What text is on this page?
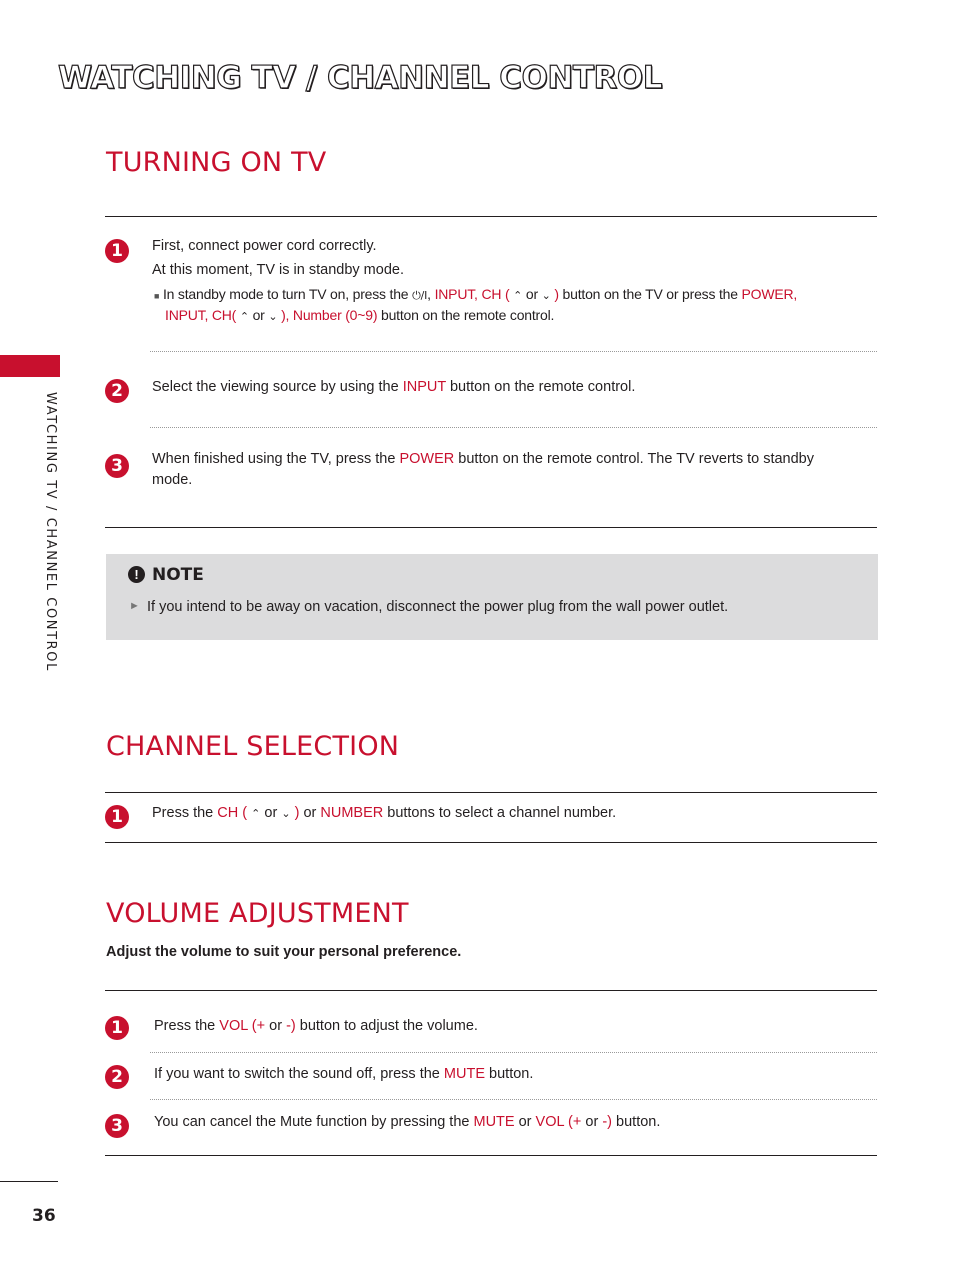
WATCHING TV / CHANNEL CONTROL
WATCHING TV / CHANNEL CONTROL
TURNING ON TV
1	First, connect power cord correctly.
At this moment, TV is in standby mode.
■ In standby mode to turn TV on, press the ⏻/I, INPUT, CH ( ⌃ or ⌄ ) button on the TV or press the POWER,
INPUT, CH( ⌃ or ⌄ ), Number (0~9) button on the remote control.
2	Select the viewing source by using the INPUT button on the remote control.
3	When finished using the TV, press the POWER button on the remote control. The TV reverts to standby
mode.
! NOTE
► If you intend to be away on vacation, disconnect the power plug from the wall power outlet.
CHANNEL SELECTION
1	Press the CH ( ⌃ or ⌄ ) or NUMBER buttons to select a channel number.
VOLUME ADJUSTMENT
Adjust the volume to suit your personal preference.
1	Press the VOL (+ or -) button to adjust the volume.
2	If you want to switch the sound off, press the MUTE button.
3	You can cancel the Mute function by pressing the MUTE or VOL (+ or -) button.
36
